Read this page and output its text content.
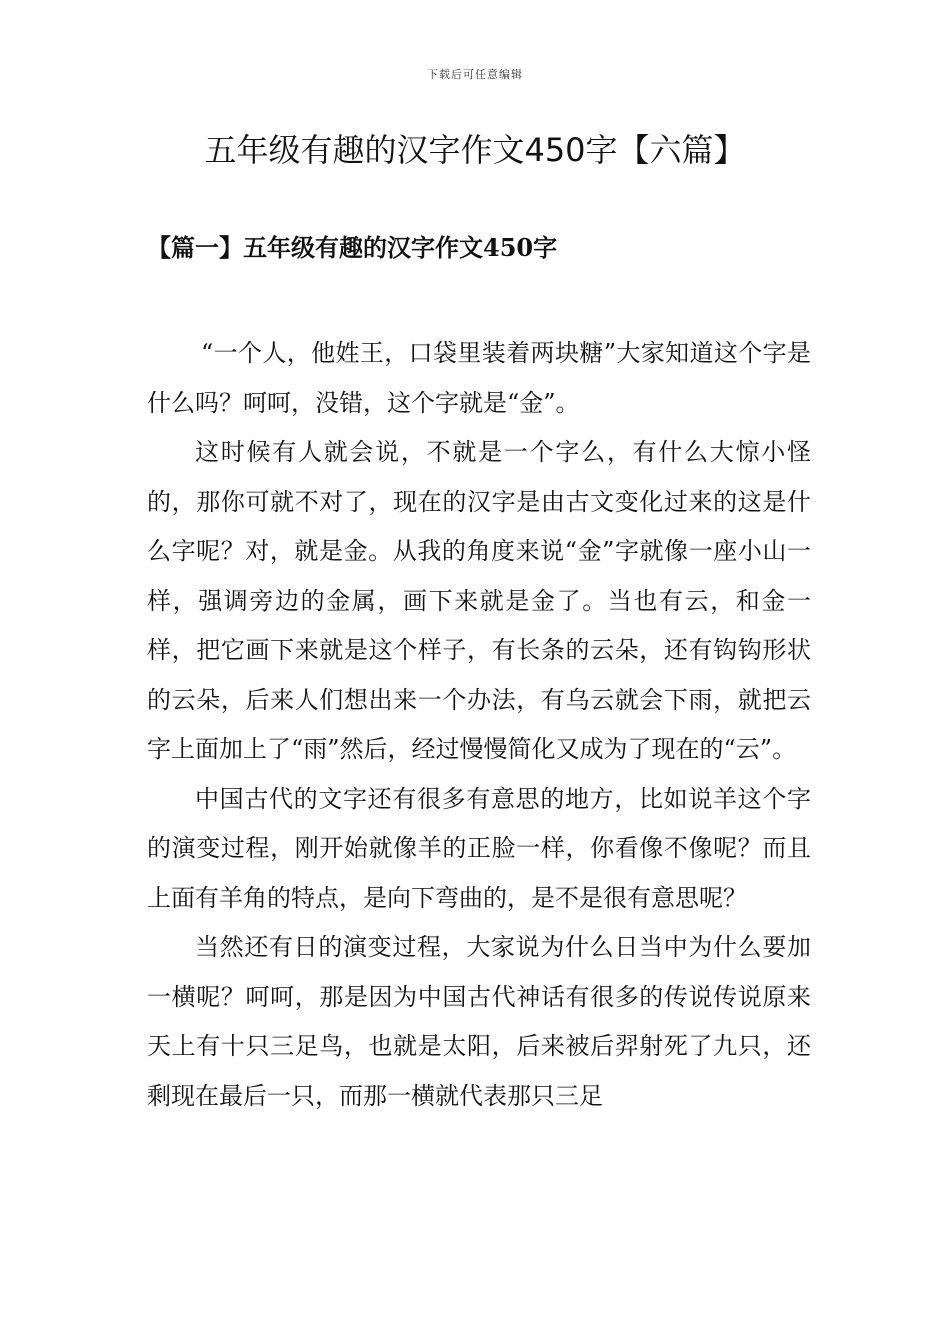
下载后可任意编辑
五年级有趣的汉字作文450字【六篇】
【篇一】五年级有趣的汉字作文450字

“一个人，他姓王，口袋里装着两块糖”大家知道这个字是什么吗？呵呵，没错，这个字就是“金”。

这时候有人就会说，不就是一个字么，有什么大惊小怪的，那你可就不对了，现在的汉字是由古文变化过来的这是什么字呢？对，就是金。从我的角度来说“金”字就像一座小山一样，强调旁边的金属，画下来就是金了。当也有云，和金一样，把它画下来就是这个样子，有长条的云朵，还有钩钩形状的云朵，后来人们想出来一个办法，有乌云就会下雨，就把云字上面加上了“雨”然后，经过慢慢简化又成为了现在的“云”。

中国古代的文字还有很多有意思的地方，比如说羊这个字的演变过程，刚开始就像羊的正脸一样，你看像不像呢？而且上面有羊角的特点，是向下弯曲的，是不是很有意思呢？

当然还有日的演变过程，大家说为什么日当中为什么要加一横呢？呵呵，那是因为中国古代神话有很多的传说传说原来天上有十只三足鸟，也就是太阳，后来被后羿射死了九只，还剩现在最后一只，而那一横就代表那只三足
